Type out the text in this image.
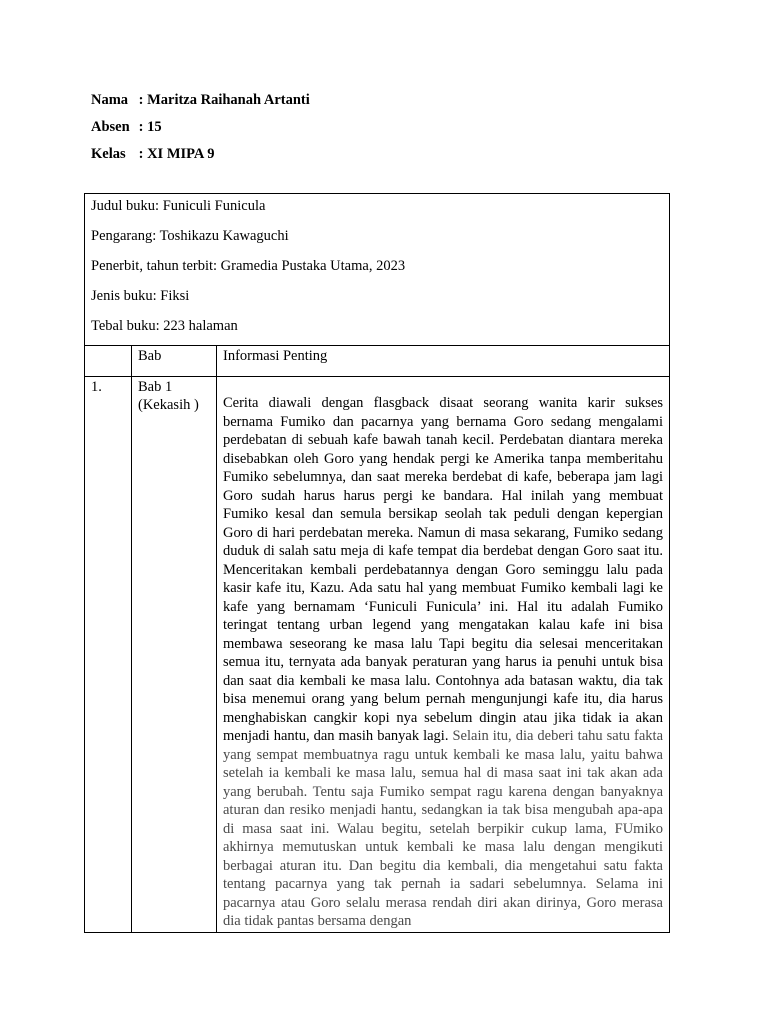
Nama : Maritza Raihanah Artanti
Absen : 15
Kelas : XI MIPA 9
Judul buku: Funiculi Funicula
Pengarang: Toshikazu Kawaguchi
Penerbit, tahun terbit: Gramedia Pustaka Utama, 2023
Jenis buku: Fiksi
Tebal buku: 223 halaman		

	Bab	Informasi Penting
1.	Bab 1 (Kekasih )	Cerita diawali dengan flasgback disaat seorang wanita karir sukses bernama Fumiko dan pacarnya yang bernama Goro sedang mengalami perdebatan di sebuah kafe bawah tanah kecil. Perdebatan diantara mereka disebabkan oleh Goro yang hendak pergi ke Amerika tanpa memberitahu Fumiko sebelumnya, dan saat mereka berdebat di kafe, beberapa jam lagi Goro sudah harus harus pergi ke bandara. Hal inilah yang membuat Fumiko kesal dan semula bersikap seolah tak peduli dengan kepergian Goro di hari perdebatan mereka. Namun di masa sekarang, Fumiko sedang duduk di salah satu meja di kafe tempat dia berdebat dengan Goro saat itu. Menceritakan kembali perdebatannya dengan Goro seminggu lalu pada kasir kafe itu, Kazu. Ada satu hal yang membuat Fumiko kembali lagi ke kafe yang bernamam ‘Funiculi Funicula’ ini. Hal itu adalah Fumiko teringat tentang urban legend yang mengatakan kalau kafe ini bisa membawa seseorang ke masa lalu Tapi begitu dia selesai menceritakan semua itu, ternyata ada banyak peraturan yang harus ia penuhi untuk bisa dan saat dia kembali ke masa lalu. Contohnya ada batasan waktu, dia tak bisa menemui orang yang belum pernah mengunjungi kafe itu, dia harus menghabiskan cangkir kopi nya sebelum dingin atau jika tidak ia akan menjadi hantu, dan masih banyak lagi. Selain itu, dia deberi tahu satu fakta yang sempat membuatnya ragu untuk kembali ke masa lalu, yaitu bahwa setelah ia kembali ke masa lalu, semua hal di masa saat ini tak akan ada yang berubah. Tentu saja Fumiko sempat ragu karena dengan banyaknya aturan dan resiko menjadi hantu, sedangkan ia tak bisa mengubah apa-apa di masa saat ini. Walau begitu, setelah berpikir cukup lama, FUmiko akhirnya memutuskan untuk kembali ke masa lalu dengan mengikuti berbagai aturan itu. Dan begitu dia kembali, dia mengetahui satu fakta tentang pacarnya yang tak pernah ia sadari sebelumnya. Selama ini pacarnya atau Goro selalu merasa rendah diri akan dirinya, Goro merasa dia tidak pantas bersama dengan
